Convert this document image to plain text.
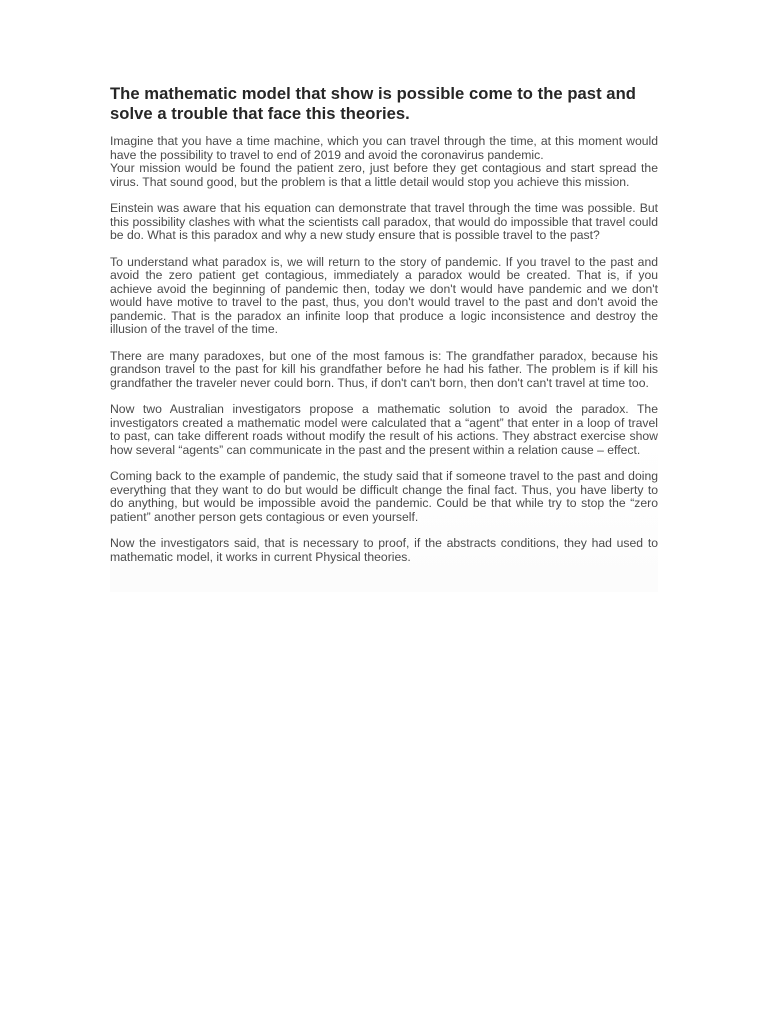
The mathematic model that show is possible come to the past and solve a trouble that face this theories.

Imagine that you have a time machine, which you can travel through the time, at this moment would have the possibility to travel to end of 2019 and avoid the coronavirus pandemic.
Your mission would be found the patient zero, just before they get contagious and start spread the virus. That sound good, but the problem is that a little detail would stop you achieve this mission.

Einstein was aware that his equation can demonstrate that travel through the time was possible. But this possibility clashes with what the scientists call paradox, that would do impossible that travel could be do. What is this paradox and why a new study ensure that is possible travel to the past?

To understand what paradox is, we will return to the story of pandemic. If you travel to the past and avoid the zero patient get contagious, immediately a paradox would be created. That is, if you achieve avoid the beginning of pandemic then, today we don't would have pandemic and we don't would have motive to travel to the past, thus, you don't would travel to the past and don't avoid the pandemic. That is the paradox an infinite loop that produce a logic inconsistence and destroy the illusion of the travel of the time.

There are many paradoxes, but one of the most famous is: The grandfather paradox, because his grandson travel to the past for kill his grandfather before he had his father. The problem is if kill his grandfather the traveler never could born. Thus, if don't can't born, then don't can't travel at time too.

Now two Australian investigators propose a mathematic solution to avoid the paradox. The investigators created a mathematic model were calculated that a “agent” that enter in a loop of travel to past, can take different roads without modify the result of his actions. They abstract exercise show how several “agents” can communicate in the past and the present within a relation cause – effect.

Coming back to the example of pandemic, the study said that if someone travel to the past and doing everything that they want to do but would be difficult change the final fact. Thus, you have liberty to do anything, but would be impossible avoid the pandemic. Could be that while try to stop the “zero patient” another person gets contagious or even yourself.

Now the investigators said, that is necessary to proof, if the abstracts conditions, they had used to mathematic model, it works in current Physical theories.
